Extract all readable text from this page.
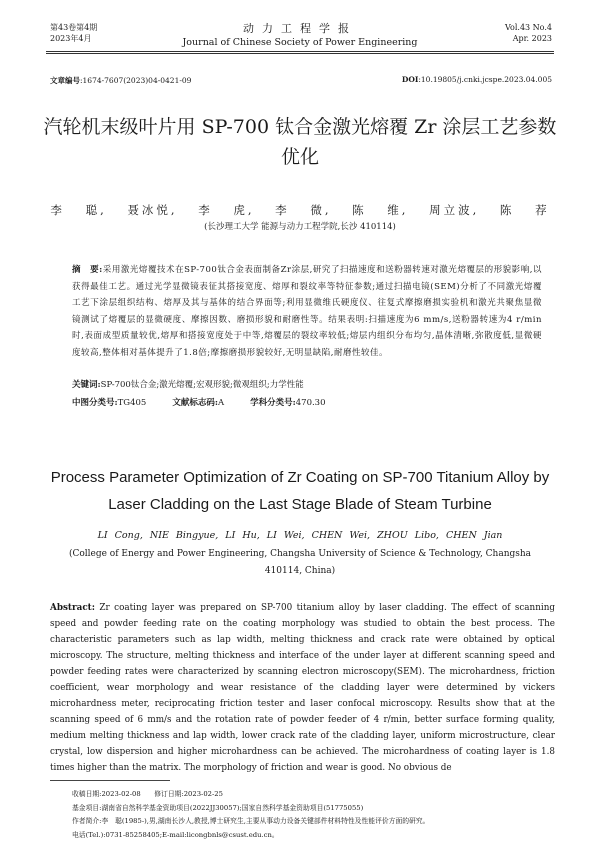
第43卷第4期
2023年4月
动力工程学报
Journal of Chinese Society of Power Engineering
Vol.43 No.4
Apr. 2023
文章编号:1674-7607(2023)04-0421-09	DOI:10.19805/j.cnki.jcspe.2023.04.005
汽轮机末级叶片用 SP-700 钛合金激光熔覆 Zr 涂层工艺参数优化
李 聪, 聂冰悦, 李 虎, 李 微, 陈 维, 周立波, 陈 荐
(长沙理工大学 能源与动力工程学院,长沙 410114)
摘　要:采用激光熔覆技术在SP-700钛合金表面制备Zr涂层,研究了扫描速度和送粉器转速对激光熔覆层的形貌影响,以获得最佳工艺。通过光学显微镜表征其搭接宽度、熔厚和裂纹率等特征参数;通过扫描电镜(SEM)分析了不同激光熔覆工艺下涂层组织结构、熔厚及其与基体的结合界面等;利用显微维氏硬度仪、往复式摩擦磨损实验机和激光共聚焦显微镜测试了熔覆层的显微硬度、摩擦因数、磨损形貌和耐磨性等。结果表明:扫描速度为6 mm/s,送粉器转速为4 r/min时,表面成型质量较优,熔厚和搭接宽度处于中等,熔覆层的裂纹率较低;熔层内组织分布均匀,晶体清晰,弥散度低,显微硬度较高,整体相对基体提升了1.8倍;摩擦磨损形貌较好,无明显缺陷,耐磨性较佳。
关键词:SP-700钛合金;激光熔覆;宏观形貌;微观组织;力学性能
中图分类号:TG405	文献标志码:A	学科分类号:470.30
Process Parameter Optimization of Zr Coating on SP-700 Titanium Alloy by Laser Cladding on the Last Stage Blade of Steam Turbine
LI Cong, NIE Bingyue, LI Hu, LI Wei, CHEN Wei, ZHOU Libo, CHEN Jian
(College of Energy and Power Engineering, Changsha University of Science & Technology, Changsha 410114, China)
Abstract: Zr coating layer was prepared on SP-700 titanium alloy by laser cladding. The effect of scanning speed and powder feeding rate on the coating morphology was studied to obtain the best process. The characteristic parameters such as lap width, melting thickness and crack rate were obtained by optical microscopy. The structure, melting thickness and interface of the under layer at different scanning speed and powder feeding rates were characterized by scanning electron microscopy(SEM). The microhardness, friction coefficient, wear morphology and wear resistance of the cladding layer were determined by vickers microhardness meter, reciprocating friction tester and laser confocal microscopy. Results show that at the scanning speed of 6 mm/s and the rotation rate of powder feeder of 4 r/min, better surface forming quality, medium melting thickness and lap width, lower crack rate of the cladding layer, uniform microstructure, clear crystal, low dispersion and higher microhardness can be achieved. The microhardness of coating layer is 1.8 times higher than the matrix. The morphology of friction and wear is good. No obvious de
收稿日期:2023-02-08　　修订日期:2023-02-25
基金项目:湖南省自然科学基金资助项目(2022JJ30057);国家自然科学基金资助项目(51775055)
作者简介:李　聪(1985-),男,湖南长沙人,教授,博士研究生,主要从事动力设备关键部件材料特性及性能评价方面的研究。
电话(Tel.):0731-85258405;E-mail:licongbnls@csust.edu.cn。
